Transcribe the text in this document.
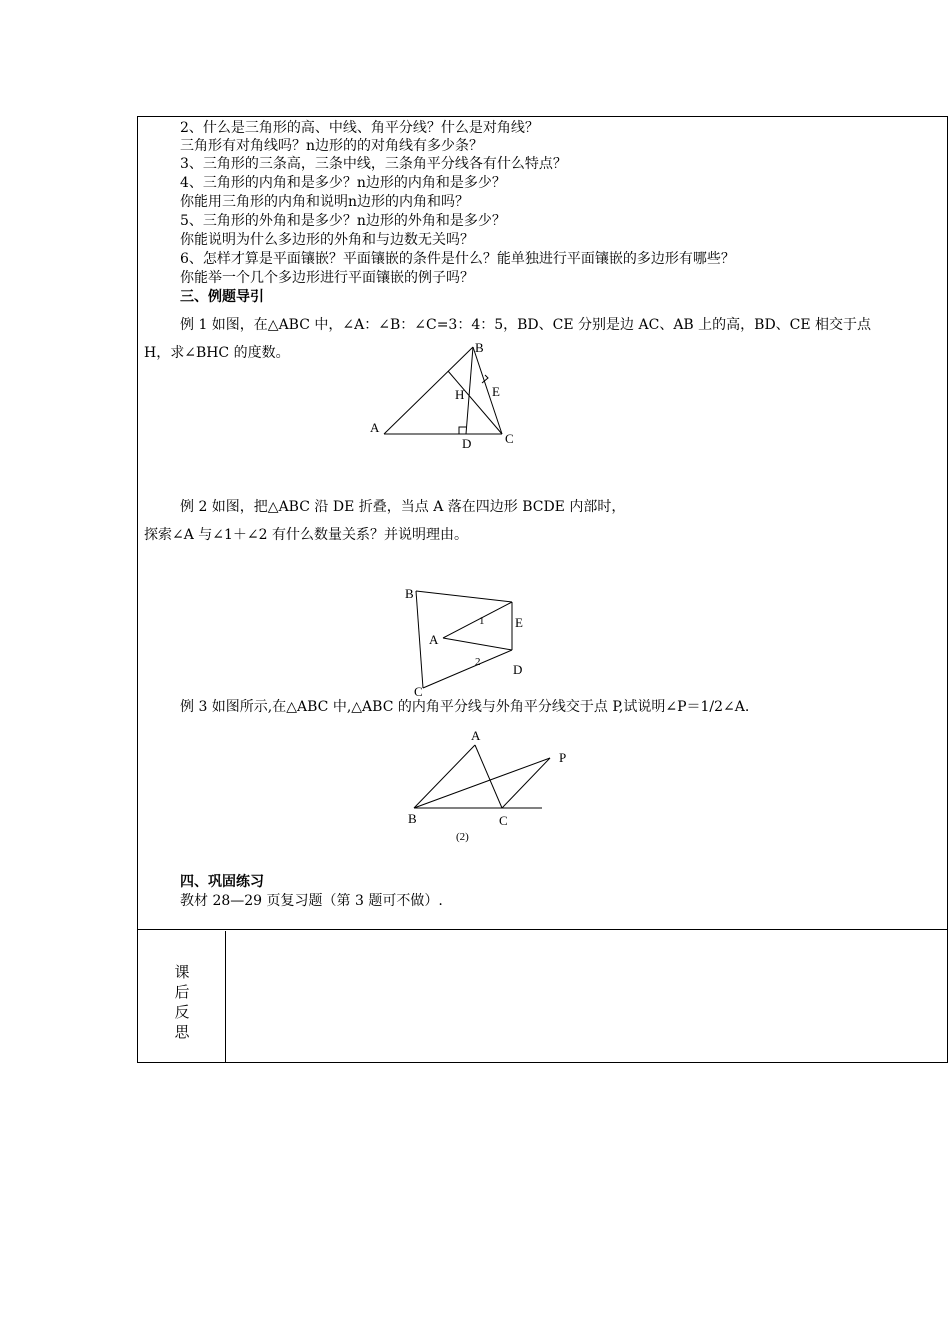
2、什么是三角形的高、中线、角平分线？什么是对角线？
三角形有对角线吗？n边形的的对角线有多少条？
3、三角形的三条高，三条中线，三条角平分线各有什么特点？
4、三角形的内角和是多少？n边形的内角和是多少？
你能用三角形的内角和说明n边形的内角和吗？
5、三角形的外角和是多少？n边形的外角和是多少？
你能说明为什么多边形的外角和与边数无关吗？
6、怎样才算是平面镶嵌？平面镶嵌的条件是什么？能单独进行平面镶嵌的多边形有哪些？
你能举一个几个多边形进行平面镶嵌的例子吗？
三、例题导引
例 1 如图，在△ABC 中，∠A：∠B：∠C=3：4：5，BD、CE 分别是边 AC、AB 上的高，BD、CE 相交于点
H，求∠BHC 的度数。
A
B
C
D
E
H
例 2 如图，把△ABC 沿 DE 折叠，当点 A 落在四边形 BCDE 内部时，
探索∠A 与∠1＋∠2 有什么数量关系？并说明理由。
B
C
A
E
D
1
2
例 3 如图所示,在△ABC 中,△ABC 的内角平分线与外角平分线交于点 P,试说明∠P＝1/2∠A.
A
P
B	C
(2)
四、巩固练习
教材 28—29 页复习题（第 3 题可不做）.
课
后
反
思
